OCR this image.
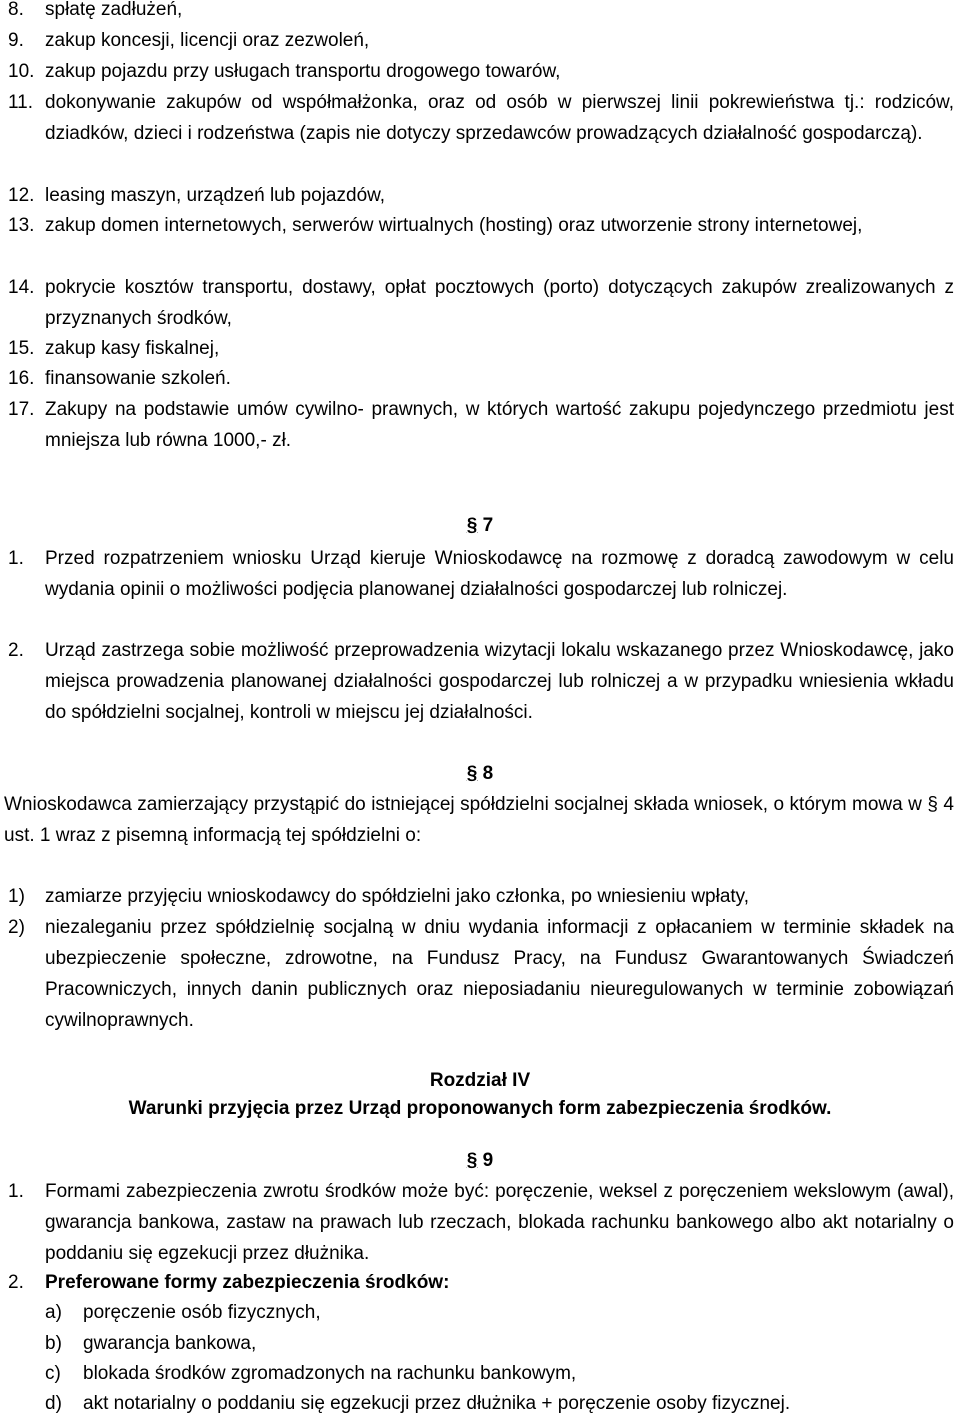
8. spłatę zadłużeń,
9. zakup koncesji, licencji oraz zezwoleń,
10. zakup pojazdu przy usługach transportu drogowego towarów,
11. dokonywanie zakupów od współmałżonka, oraz od osób w pierwszej linii pokrewieństwa tj.: rodziców, dziadków, dzieci i rodzeństwa (zapis nie dotyczy sprzedawców prowadzących działalność gospodarczą).
12. leasing maszyn, urządzeń lub pojazdów,
13. zakup domen internetowych, serwerów wirtualnych (hosting) oraz utworzenie strony internetowej,
14. pokrycie kosztów transportu, dostawy, opłat pocztowych (porto) dotyczących zakupów zrealizowanych z przyznanych środków,
15. zakup kasy fiskalnej,
16. finansowanie szkoleń.
17. Zakupy na podstawie umów cywilno- prawnych, w których wartość zakupu pojedynczego przedmiotu jest mniejsza lub równa 1000,- zł.
§ 7
1. Przed rozpatrzeniem wniosku Urząd kieruje Wnioskodawcę na rozmowę z doradcą zawodowym w celu wydania opinii o możliwości podjęcia planowanej działalności gospodarczej lub rolniczej.
2. Urząd zastrzega sobie możliwość przeprowadzenia wizytacji lokalu wskazanego przez Wnioskodawcę, jako miejsca prowadzenia planowanej działalności gospodarczej lub rolniczej a w przypadku wniesienia wkładu do spółdzielni socjalnej, kontroli w miejscu jej działalności.
§ 8
Wnioskodawca zamierzający przystąpić do istniejącej spółdzielni socjalnej składa wniosek, o którym mowa w § 4 ust. 1 wraz z pisemną informacją tej spółdzielni o:
1) zamiarze przyjęciu wnioskodawcy do spółdzielni jako członka, po wniesieniu wpłaty,
2) niezaleganiu przez spółdzielnię socjalną w dniu wydania informacji z opłacaniem w terminie składek na ubezpieczenie społeczne, zdrowotne, na Fundusz Pracy, na Fundusz Gwarantowanych Świadczeń Pracowniczych, innych danin publicznych oraz nieposiadaniu nieuregulowanych w terminie zobowiązań cywilnoprawnych.
Rozdział IV
Warunki przyjęcia przez Urząd proponowanych form zabezpieczenia środków.
§ 9
1. Formami zabezpieczenia zwrotu środków może być: poręczenie, weksel z poręczeniem wekslowym (awal), gwarancja bankowa, zastaw na prawach lub rzeczach, blokada rachunku bankowego albo akt notarialny o poddaniu się egzekucji przez dłużnika.
2. Preferowane formy zabezpieczenia środków:
a) poręczenie osób fizycznych,
b) gwarancja bankowa,
c) blokada środków zgromadzonych na rachunku bankowym,
d) akt notarialny o poddaniu się egzekucji przez dłużnika + poręczenie osoby fizycznej.
